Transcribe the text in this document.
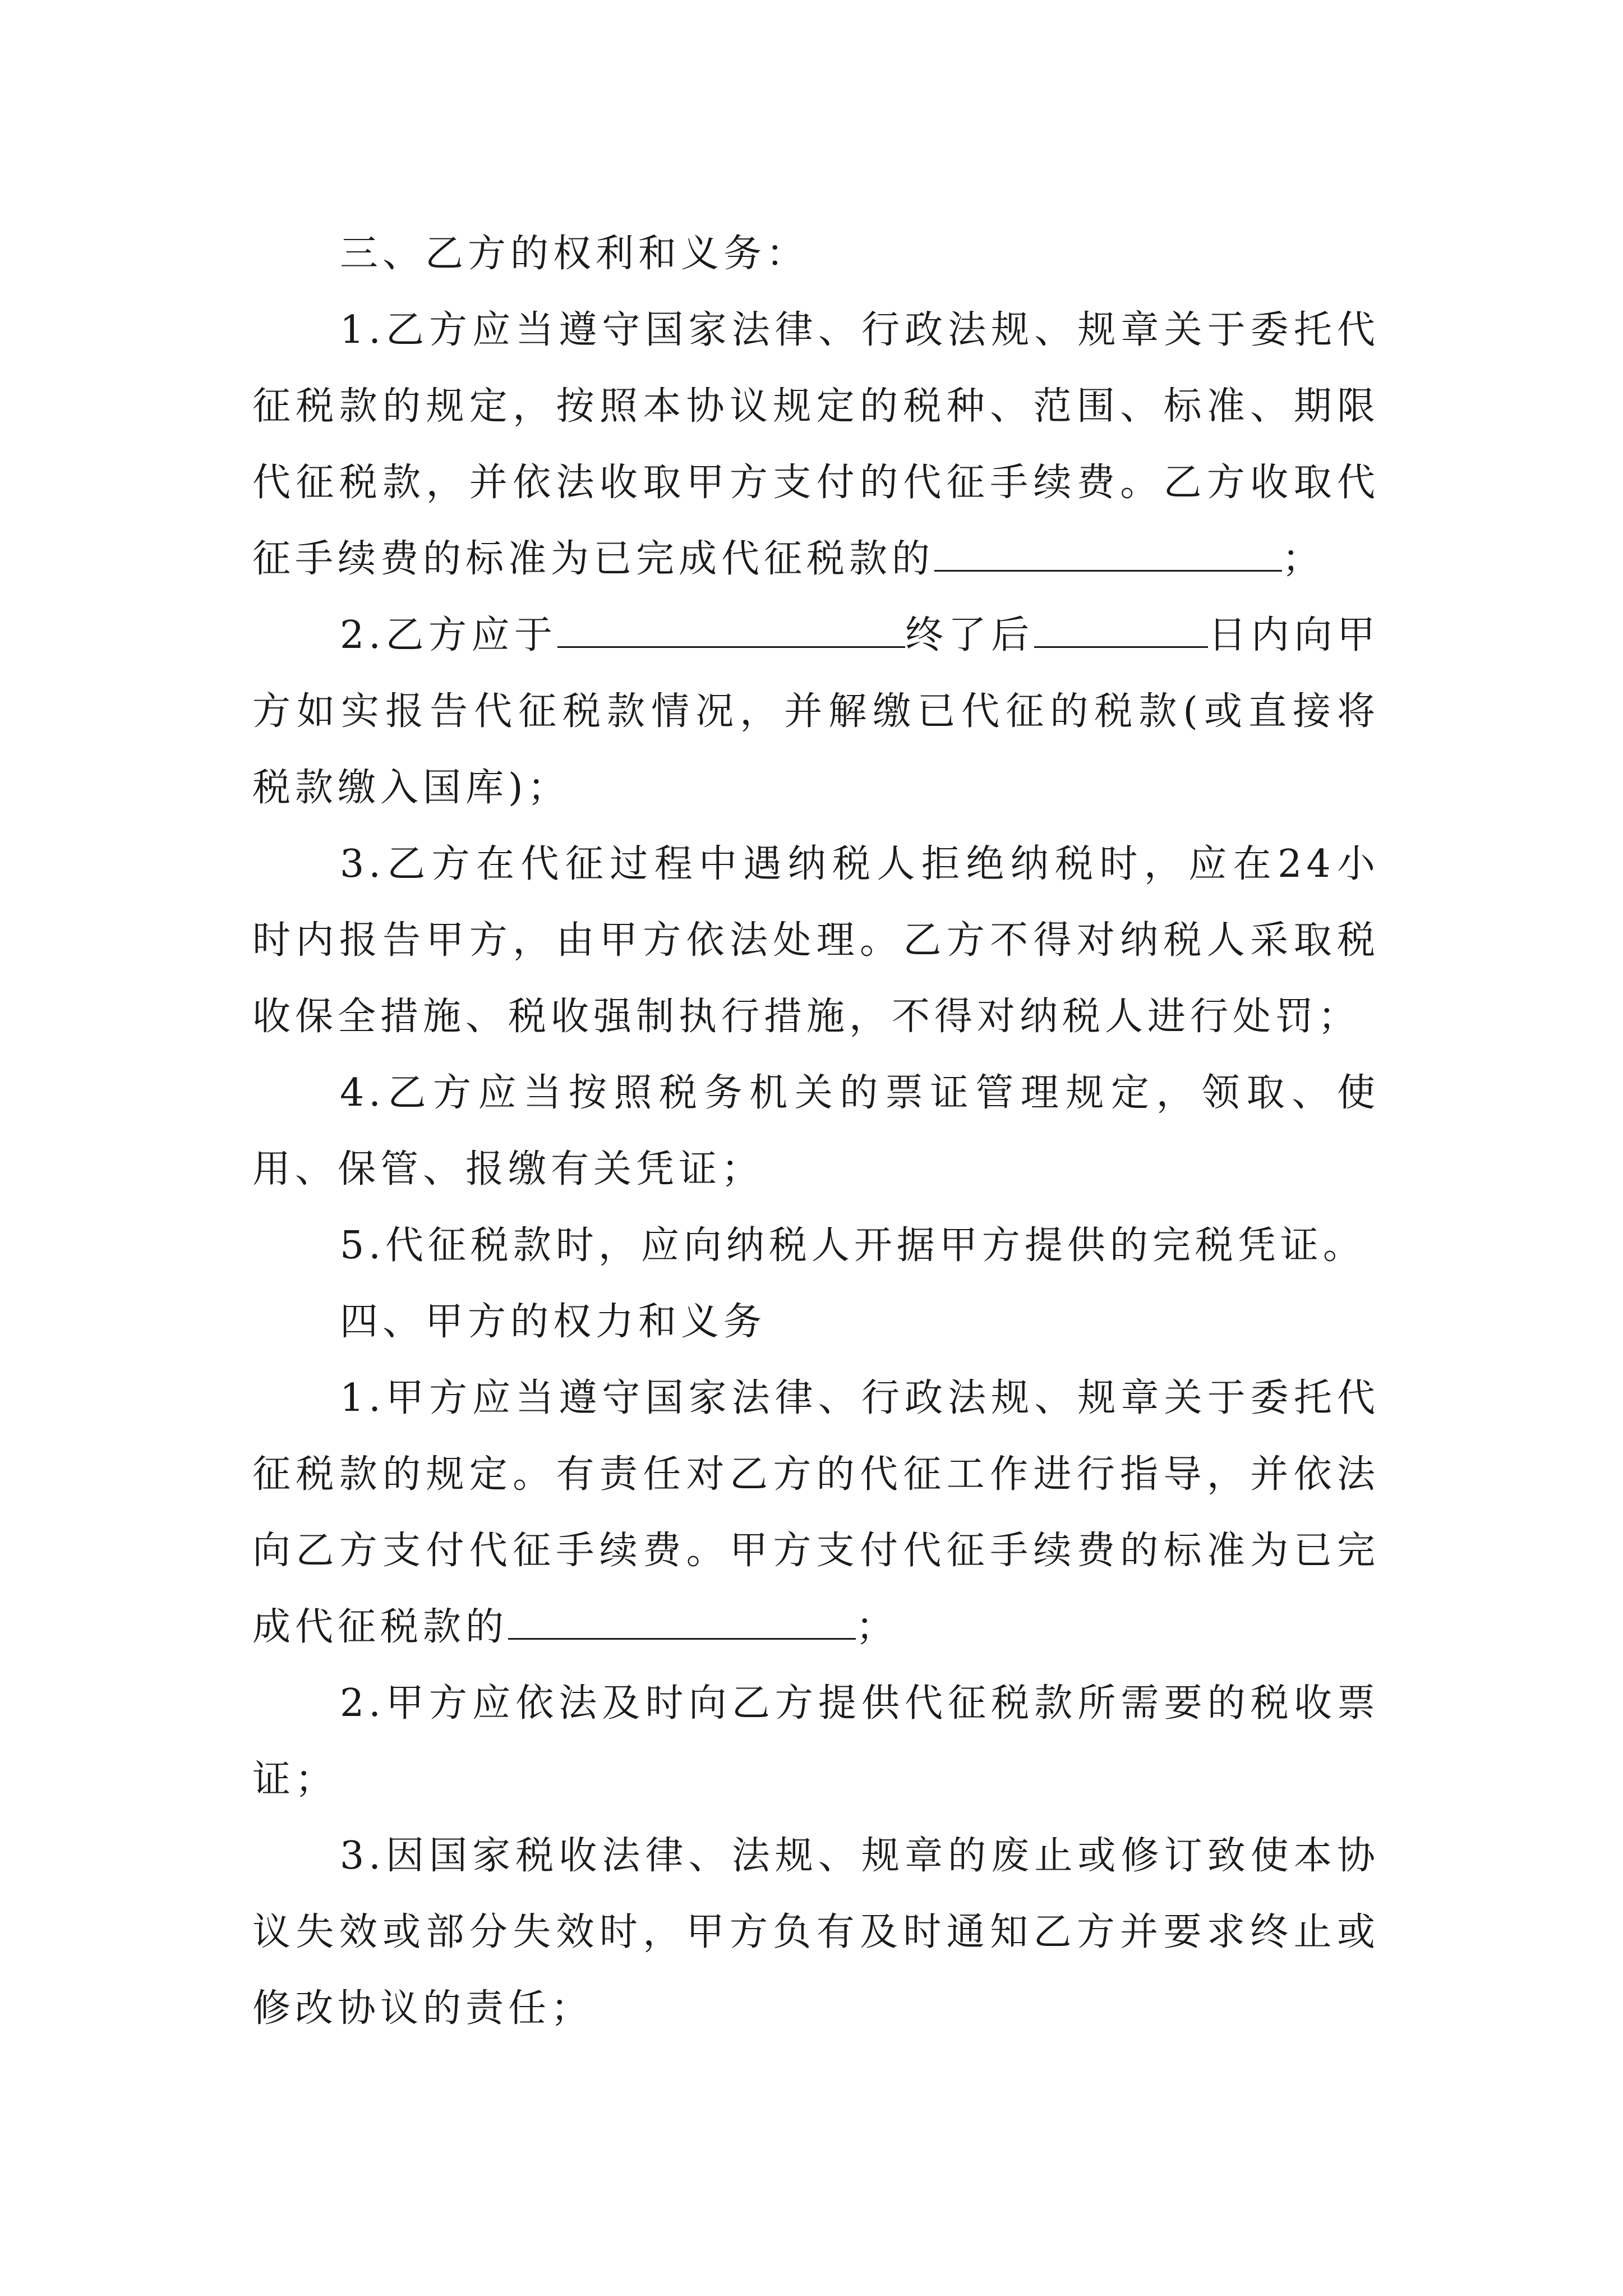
三、乙方的权利和义务：

1.乙方应当遵守国家法律、行政法规、规章关于委托代征税款的规定，按照本协议规定的税种、范围、标准、期限代征税款，并依法收取甲方支付的代征手续费。乙方收取代征手续费的标准为已完成代征税款的	；

2.乙方应于	终了后	日内向甲方如实报告代征税款情况，并解缴已代征的税款(或直接将税款缴入国库)；

3.乙方在代征过程中遇纳税人拒绝纳税时，应在24小时内报告甲方，由甲方依法处理。乙方不得对纳税人采取税收保全措施、税收强制执行措施，不得对纳税人进行处罚；

4.乙方应当按照税务机关的票证管理规定，领取、使用、保管、报缴有关凭证；

5.代征税款时，应向纳税人开据甲方提供的完税凭证。

四、甲方的权力和义务

1.甲方应当遵守国家法律、行政法规、规章关于委托代征税款的规定。有责任对乙方的代征工作进行指导，并依法向乙方支付代征手续费。甲方支付代征手续费的标准为已完成代征税款的	；

2.甲方应依法及时向乙方提供代征税款所需要的税收票证；

3.因国家税收法律、法规、规章的废止或修订致使本协议失效或部分失效时，甲方负有及时通知乙方并要求终止或修改协议的责任；
